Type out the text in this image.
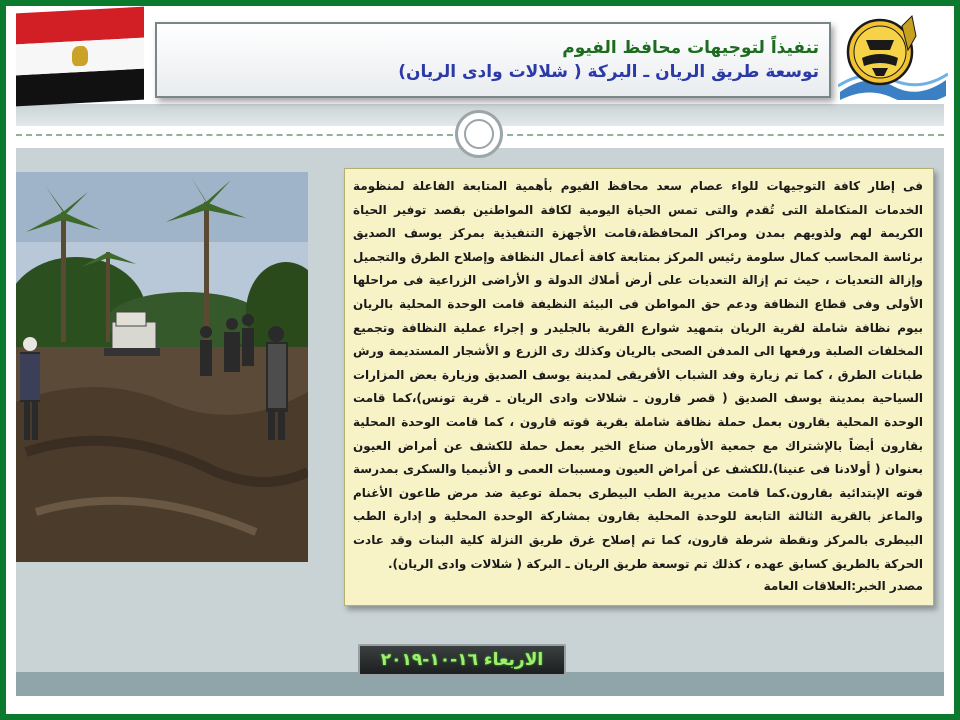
تنفيذاً لتوجيهات محافظ الفيوم
توسعة طريق الريان ـ البركة ( شلالات وادى الريان)

فى إطار كافة التوجيهات للواء عصام سعد محافظ الفيوم بأهمية المتابعة الفاعلة لمنظومة الخدمات المتكاملة التى تُقدم والتى تمس الحياة اليومية لكافة المواطنين بقصد توفير الحياة الكريمة لهم ولذويهم بمدن ومراكز المحافظة،قامت الأجهزة التنفيذية بمركز يوسف الصديق برئاسة المحاسب كمال سلومة رئيس المركز بمتابعة كافة أعمال النظافة وإصلاح الطرق والتجميل وإزالة التعديات ، حيث تم إزالة التعديات على أرض أملاك الدولة و الأراضى الزراعية فى مراحلها الأولى وفى قطاع النظافة ودعم حق المواطن فى البيئة النظيفة قامت الوحدة المحلية بالريان بيوم نظافة شاملة لقرية الريان بتمهيد شوارع القرية بالجليدر و إجراء عملية النظافة وتجميع المخلفات الصلبة ورفعها الى المدفن الصحى بالريان وكذلك رى الزرع و الأشجار المستديمة ورش طبانات الطرق ، كما تم زيارة وفد الشباب الأفريقى لمدينة يوسف الصديق وزيارة بعض المزارات السياحية بمدينة يوسف الصديق ( قصر قارون ـ شلالات وادى الريان ـ قرية تونس)،كما قامت الوحدة المحلية بقارون بعمل حملة نظافة شاملة بقرية قوته قارون ، كما قامت الوحدة المحلية بقارون أيضاً بالإشتراك مع جمعية الأورمان صناع الخير بعمل حملة للكشف عن أمراض العيون بعنوان ( أولادنا فى عنينا).للكشف عن أمراض العيون ومسببات العمى و الأنيميا والسكرى بمدرسة قوته الإبتدائية بقارون.كما قامت مديرية الطب البيطرى بحملة توعية ضد مرض طاعون الأغنام والماعز بالقرية الثالثة التابعة للوحدة المحلية بقارون بمشاركة الوحدة المحلية و إدارة الطب البيطرى بالمركز ونقطة شرطة قارون، كما تم إصلاح غرق طريق النزلة كلية البنات وقد عادت الحركة بالطريق كسابق عهده ، كذلك تم توسعة طريق الريان ـ البركة ( شلالات وادى الريان).

مصدر الخبر:العلاقات العامة

الاربعاء ١٦-١٠-٢٠١٩
